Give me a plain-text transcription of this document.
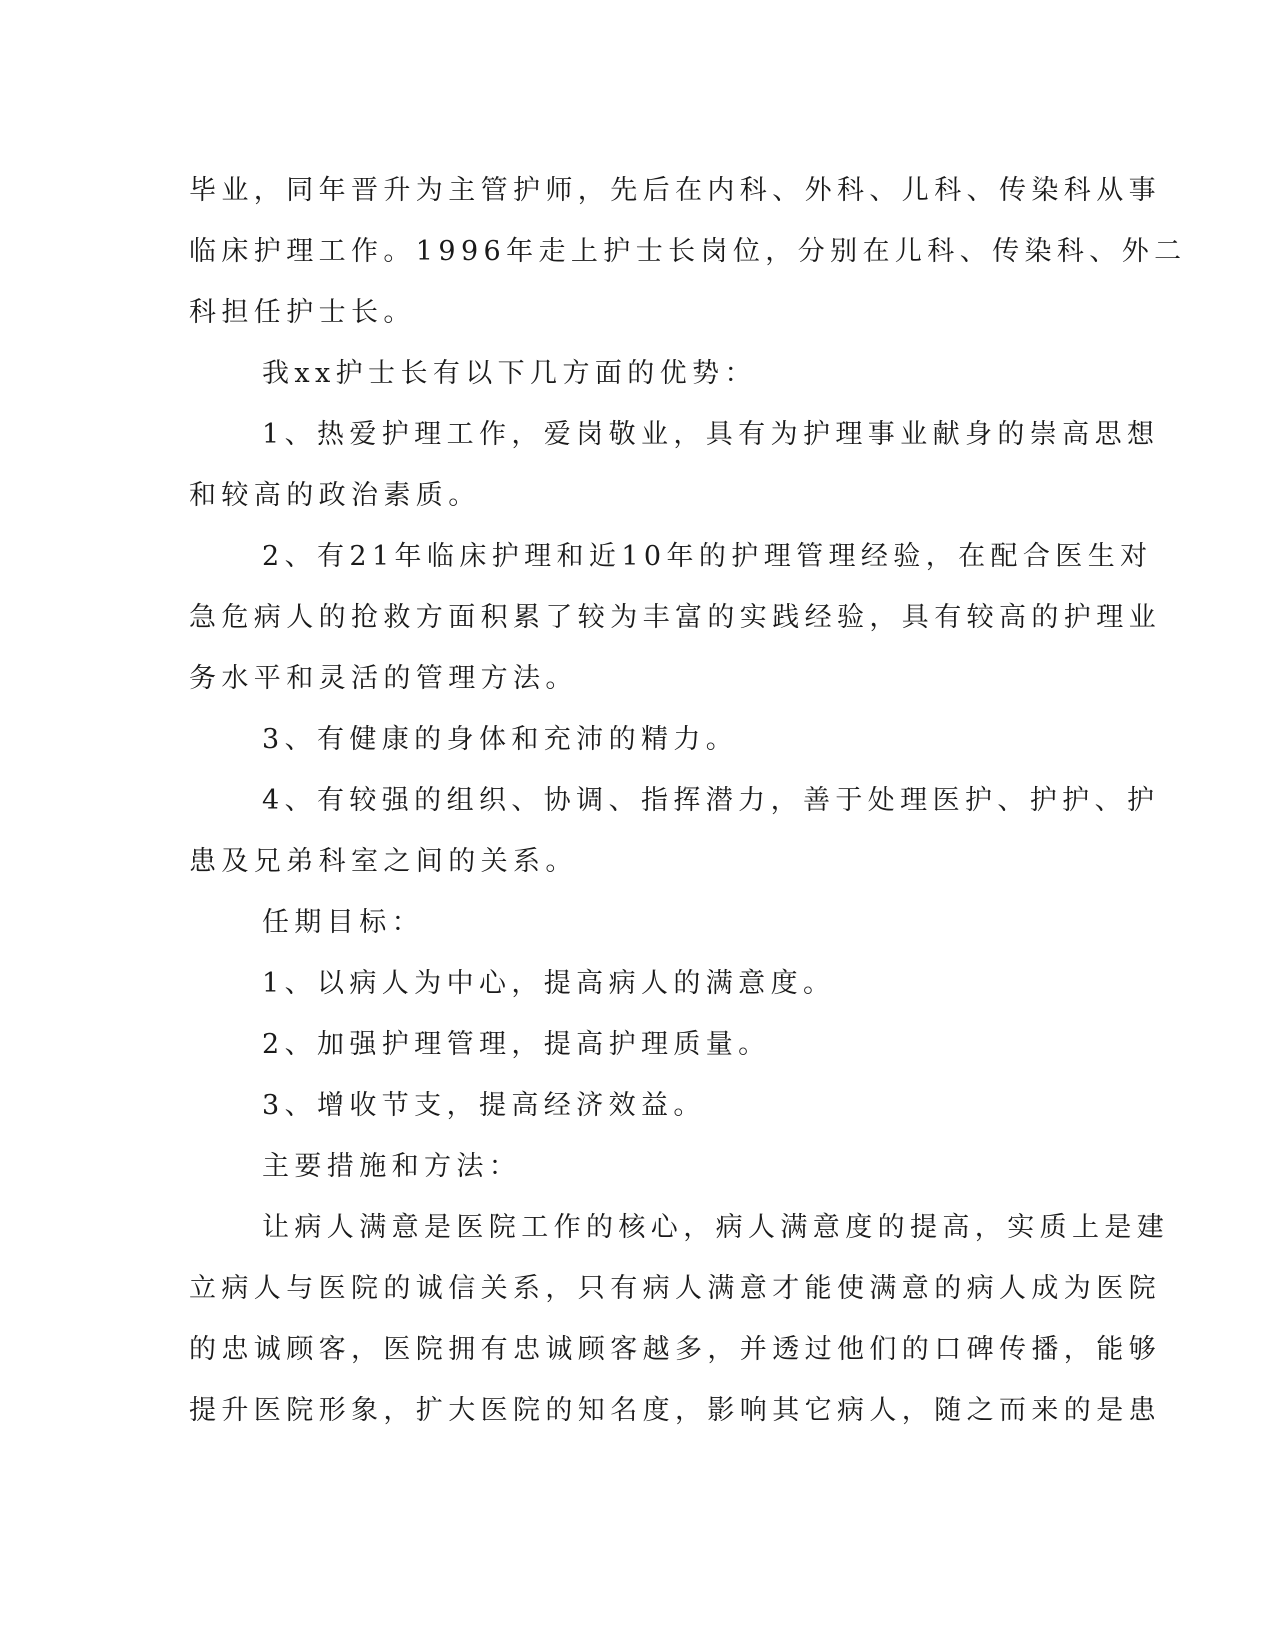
毕业，同年晋升为主管护师，先后在内科、外科、儿科、传染科从事
临床护理工作。1996年走上护士长岗位，分别在儿科、传染科、外二
科担任护士长。
我xx护士长有以下几方面的优势：
1、热爱护理工作，爱岗敬业，具有为护理事业献身的崇高思想
和较高的政治素质。
2、有21年临床护理和近10年的护理管理经验，在配合医生对
急危病人的抢救方面积累了较为丰富的实践经验，具有较高的护理业
务水平和灵活的管理方法。
3、有健康的身体和充沛的精力。
4、有较强的组织、协调、指挥潜力，善于处理医护、护护、护
患及兄弟科室之间的关系。
任期目标：
1、以病人为中心，提高病人的满意度。
2、加强护理管理，提高护理质量。
3、增收节支，提高经济效益。
主要措施和方法：
让病人满意是医院工作的核心，病人满意度的提高，实质上是建
立病人与医院的诚信关系，只有病人满意才能使满意的病人成为医院
的忠诚顾客，医院拥有忠诚顾客越多，并透过他们的口碑传播，能够
提升医院形象，扩大医院的知名度，影响其它病人，随之而来的是患
